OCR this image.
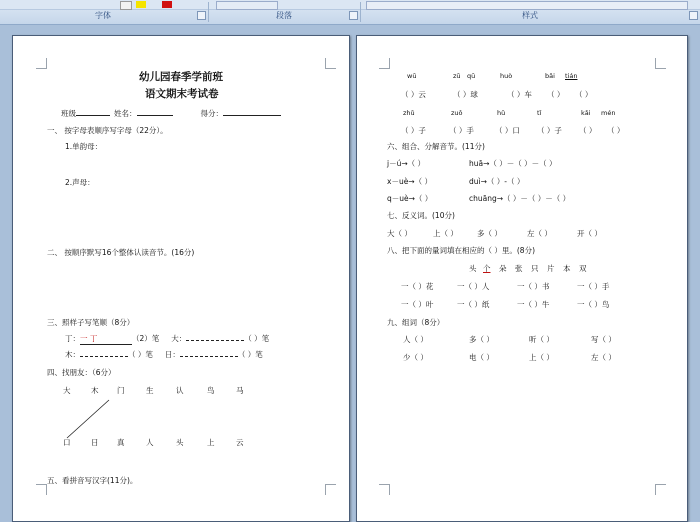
字体	段落	样式
幼儿园春季学前班
语文期末考试卷
班级	姓名：	得分：
一、 按字母表顺序写字母（22分）。
1.单韵母：
2.声母：
二、 按顺序默写16个整体认读音节。(16分)
三、照样子写笔顺（8分）
丁：一 丁	（2）笔 大：	（ ）笔
木：	（ ）笔 日：	（ ）笔
四、找朋友：（6分）
大	木 门	生	认	鸟	马
口	日 真	人	头	上	云
五、看拼音写汉字(11分)。
wū	zū qū	huò	bǎi tián
（ ）云	（ ）球	（ ）车 （ ） （ ）
zhǔ	zuǒ	hǔ	tǐ	kǎi mén
（ ）子	（ ）手	（ ）口 （ ）子 （ ） （ ）
六、组合、分解音节。(11分)
j－ú→（ ）	huā→（ ）－（ ）－（ ）
x－uè→（ ）	duì→（ ）-（ ）
q－uè→（ ）	chuāng→（ ）－（ ）－（ ）
七、反义词。(10分)
大（ ）	上（ ）	多（ ）	左（ ）	开（ ）
八、把下面的量词填在相应的（ ）里。(8分)
头 个 朵 张 只 片 本 双
一（ ）花	一（ ）人	一（ ）书	一（ ）手
一（ ）叶	一（ ）纸	一（ ）牛	一（ ）鸟
九、组词（8分）
人（ ）	多（ ）	听（ ）	写（ ）
少（ ）	电（ ）	上（ ）	左（ ）
